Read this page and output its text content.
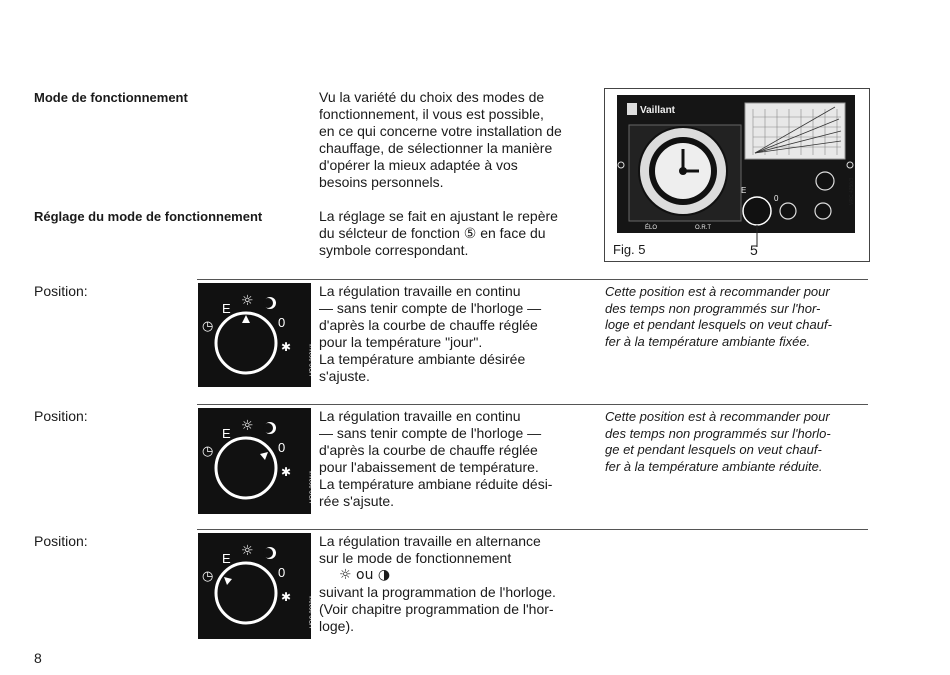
Mode de fonctionnement
Réglage du mode de fonctionnement
Vu la variété du choix des modes de
fonctionnement, il vous est possible,
en ce qui concerne votre installation de
chauffage, de sélectionner la manière
d'opérer la mieux adaptée à vos
besoins personnels.
La réglage se fait en ajustant le repère
du sélcteur de fonction ⑤ en face du
symbole correspondant.
Vaillant
E
0
ÉLO	O.R.T
VRC 4250/3
Fig. 5	5
Position:
E ☼
◷	0
✱	VRC 2021/1
La régulation travaille en continu
— sans tenir compte de l'horloge —
d'après la courbe de chauffe réglée
pour la température "jour".
La température ambiante désirée
s'ajuste.
Cette position est à recommander pour
des temps non programmés sur l'hor-
loge et pendant lesquels on veut chauf-
fer à la température ambiante fixée.
Position:
E ☼
◷	0
✱	VRC 2021/1
La régulation travaille en continu
— sans tenir compte de l'horloge —
d'après la courbe de chauffe réglée
pour l'abaissement de température.
La température ambiane réduite dési-
rée s'ajsute.
Cette position est à recommander pour
des temps non programmés sur l'horlo-
ge et pendant lesquels on veut chauf-
fer à la température ambiante réduite.
Position:
E ☼
◷	0
✱	VRC 2022/1
La régulation travaille en alternance
sur le mode de fonctionnement
☼ ou ◑
suivant la programmation de l'horloge.
(Voir chapitre programmation de l'hor-
loge).
8
